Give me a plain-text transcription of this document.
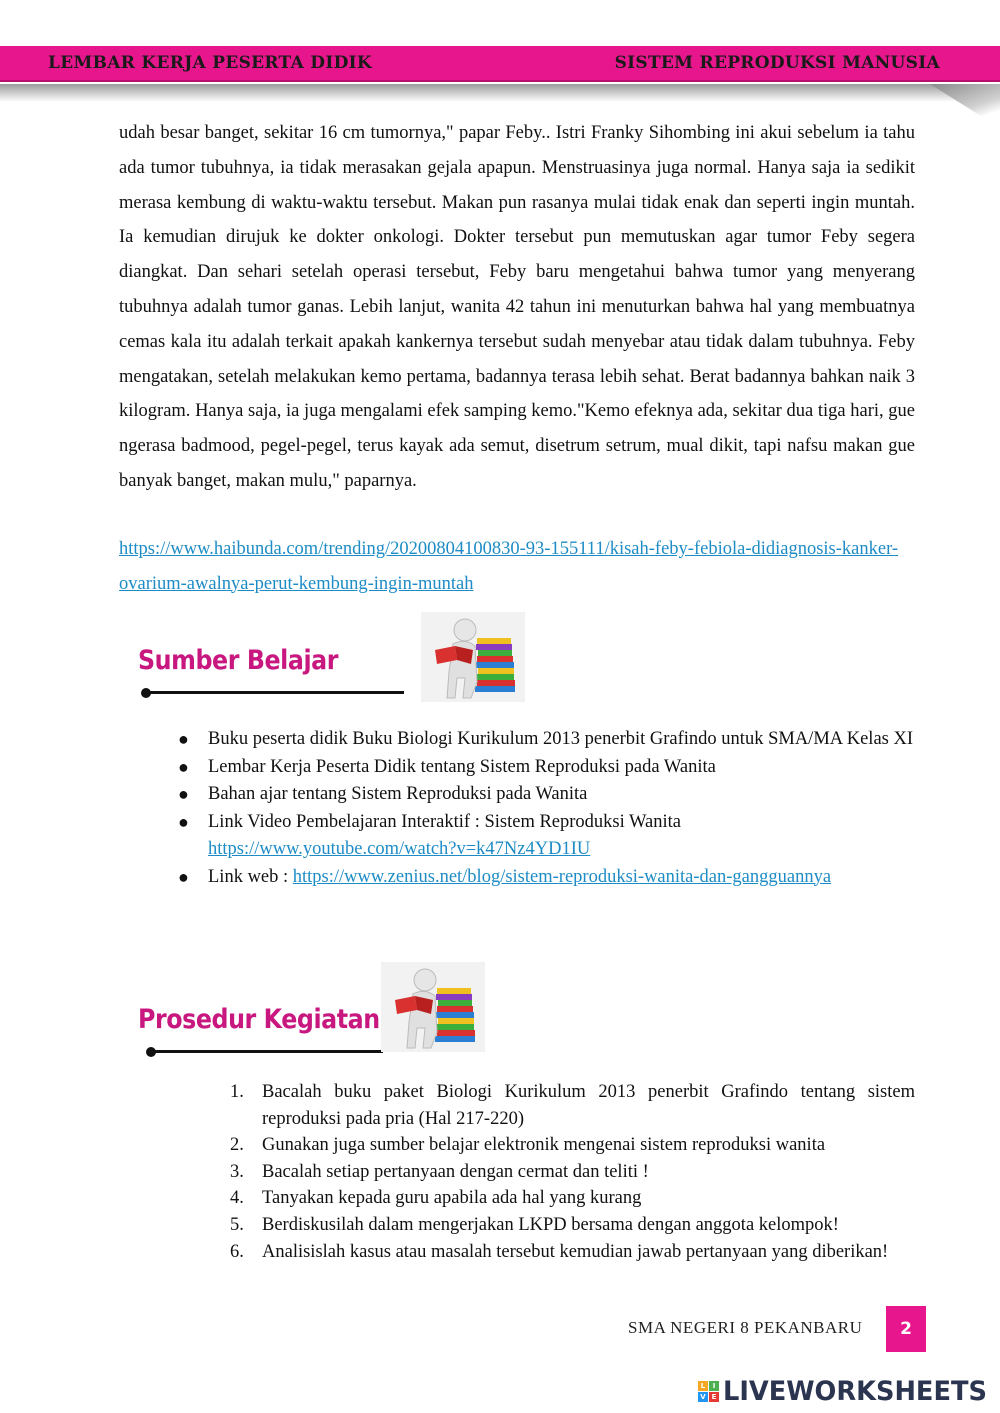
LEMBAR KERJA PESERTA DIDIK	SISTEM REPRODUKSI MANUSIA

udah besar banget, sekitar 16 cm tumornya," papar Feby.. Istri Franky Sihombing ini akui sebelum ia tahu ada tumor tubuhnya, ia tidak merasakan gejala apapun. Menstruasinya juga normal. Hanya saja ia sedikit merasa kembung di waktu-waktu tersebut. Makan pun rasanya mulai tidak enak dan seperti ingin muntah. Ia kemudian dirujuk ke dokter onkologi. Dokter tersebut pun memutuskan agar tumor Feby segera diangkat. Dan sehari setelah operasi tersebut, Feby baru mengetahui bahwa tumor yang menyerang tubuhnya adalah tumor ganas. Lebih lanjut, wanita 42 tahun ini menuturkan bahwa hal yang membuatnya cemas kala itu adalah terkait apakah kankernya tersebut sudah menyebar atau tidak dalam tubuhnya. Feby mengatakan, setelah melakukan kemo pertama, badannya terasa lebih sehat. Berat badannya bahkan naik 3 kilogram. Hanya saja, ia juga mengalami efek samping kemo."Kemo efeknya ada, sekitar dua tiga hari, gue ngerasa badmood, pegel-pegel, terus kayak ada semut, disetrum setrum, mual dikit, tapi nafsu makan gue banyak banget, makan mulu," paparnya.

https://www.haibunda.com/trending/20200804100830-93-155111/kisah-feby-febiola-didiagnosis-kanker-ovarium-awalnya-perut-kembung-ingin-muntah

Sumber Belajar
● Buku peserta didik Buku Biologi Kurikulum 2013 penerbit Grafindo untuk SMA/MA Kelas XI
● Lembar Kerja Peserta Didik tentang Sistem Reproduksi pada Wanita
● Bahan ajar tentang Sistem Reproduksi pada Wanita
● Link Video Pembelajaran Interaktif : Sistem Reproduksi Wanita
https://www.youtube.com/watch?v=k47Nz4YD1IU
● Link web : https://www.zenius.net/blog/sistem-reproduksi-wanita-dan-gangguannya
Prosedur Kegiatan
1. Bacalah buku paket Biologi Kurikulum 2013 penerbit Grafindo tentang sistem reproduksi pada pria (Hal 217-220)
2. Gunakan juga sumber belajar elektronik mengenai sistem reproduksi wanita
3. Bacalah setiap pertanyaan dengan cermat dan teliti !
4. Tanyakan kepada guru apabila ada hal yang kurang
5. Berdiskusilah dalam mengerjakan LKPD bersama dengan anggota kelompok!
6. Analisislah kasus atau masalah tersebut kemudian jawab pertanyaan yang diberikan!
SMA NEGERI 8 PEKANBARU	2
L	I
V E LIVEWORKSHEETS
